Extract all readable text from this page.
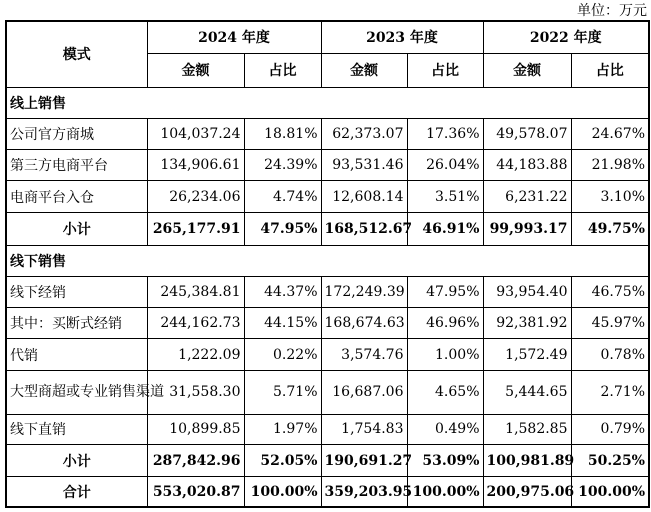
单位：万元
模式	2024 年度		2023 年度		2022 年度	
	金额	占比	金额	占比	金额	占比
线上销售						
公司官方商城	104,037.24	18.81%	62,373.07	17.36%	49,578.07	24.67%
第三方电商平台	134,906.61	24.39%	93,531.46	26.04%	44,183.88	21.98%
电商平台入仓	26,234.06	4.74%	12,608.14	3.51%	6,231.22	3.10%
小计	265,177.91	47.95%	168,512.67	46.91%	99,993.17	49.75%
线下销售						
线下经销	245,384.81	44.37%	172,249.39	47.95%	93,954.40	46.75%
其中：买断式经销	244,162.73	44.15%	168,674.63	46.96%	92,381.92	45.97%
代销	1,222.09	0.22%	3,574.76	1.00%	1,572.49	0.78%
大型商超或专业销售渠道	31,558.30	5.71%	16,687.06	4.65%	5,444.65	2.71%
线下直销	10,899.85	1.97%	1,754.83	0.49%	1,582.85	0.79%
小计	287,842.96	52.05%	190,691.27	53.09%	100,981.89	50.25%
合计	553,020.87	100.00%	359,203.95	100.00%	200,975.06	100.00%
